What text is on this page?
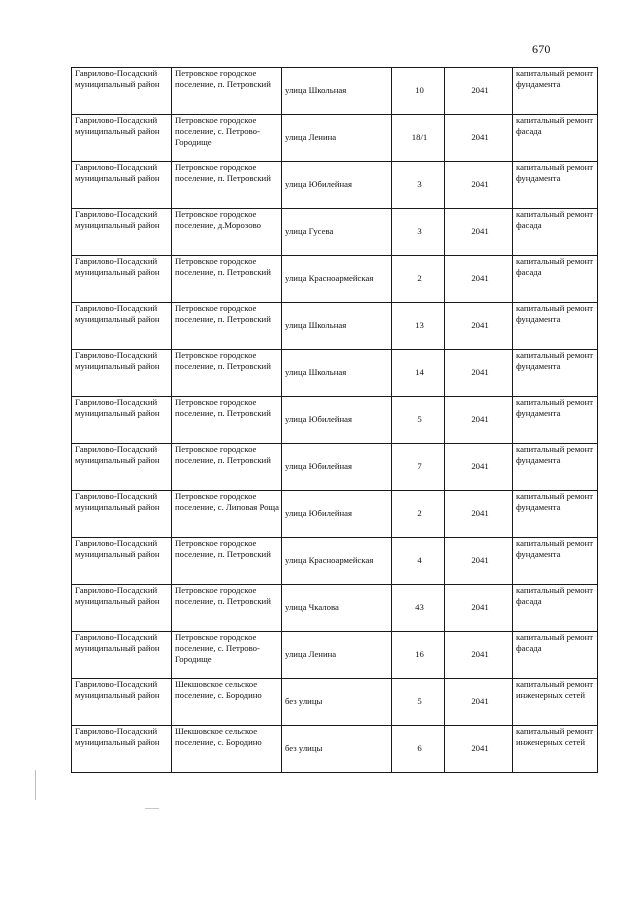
670
Гаврилово-Посадский муниципальный район	Петровское городское поселение, п. Петровский	улица Школьная	10	2041	капитальный ремонт фундамента
Гаврилово-Посадский муниципальный район	Петровское городское поселение, с. Петрово-Городище	улица Ленина	18/1	2041	капитальный ремонт фасада
Гаврилово-Посадский муниципальный район	Петровское городское поселение, п. Петровский	улица Юбилейная	3	2041	капитальный ремонт фундамента
Гаврилово-Посадский муниципальный район	Петровское городское поселение, д.Морозово	улица Гусева	3	2041	капитальный ремонт фасада
Гаврилово-Посадский муниципальный район	Петровское городское поселение, п. Петровский	улица Красноармейская	2	2041	капитальный ремонт фасада
Гаврилово-Посадский муниципальный район	Петровское городское поселение, п. Петровский	улица Школьная	13	2041	капитальный ремонт фундамента
Гаврилово-Посадский муниципальный район	Петровское городское поселение, п. Петровский	улица Школьная	14	2041	капитальный ремонт фундамента
Гаврилово-Посадский муниципальный район	Петровское городское поселение, п. Петровский	улица Юбилейная	5	2041	капитальный ремонт фундамента
Гаврилово-Посадский муниципальный район	Петровское городское поселение, п. Петровский	улица Юбилейная	7	2041	капитальный ремонт фундамента
Гаврилово-Посадский муниципальный район	Петровское городское поселение, с. Липовая Роща	улица Юбилейная	2	2041	капитальный ремонт фундамента
Гаврилово-Посадский муниципальный район	Петровское городское поселение, п. Петровский	улица Красноармейская	4	2041	капитальный ремонт фундамента
Гаврилово-Посадский муниципальный район	Петровское городское поселение, п. Петровский	улица Чкалова	43	2041	капитальный ремонт фасада
Гаврилово-Посадский муниципальный район	Петровское городское поселение, с. Петрово-Городище	улица Ленина	16	2041	капитальный ремонт фасада
Гаврилово-Посадский муниципальный район	Шекшовское сельское поселение, с. Бородино	без улицы	5	2041	капитальный ремонт инженерных сетей
Гаврилово-Посадский муниципальный район	Шекшовское сельское поселение, с. Бородино	без улицы	6	2041	капитальный ремонт инженерных сетей
